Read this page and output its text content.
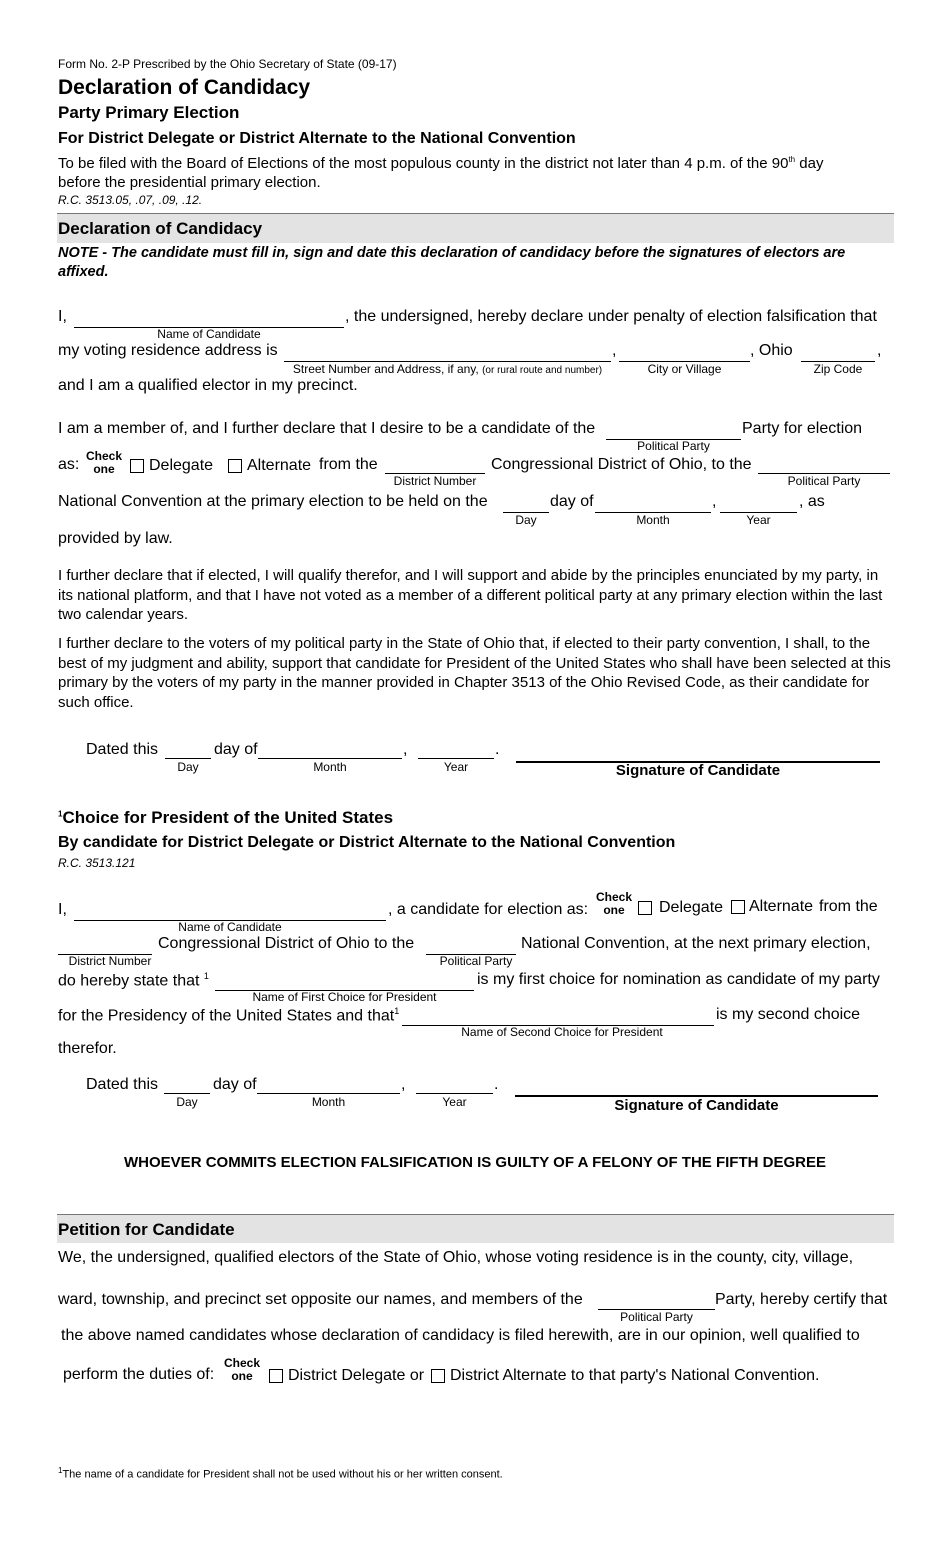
Form No. 2-P Prescribed by the Ohio Secretary of State (09-17)
Declaration of Candidacy
Party Primary Election
For District Delegate or District Alternate to the National Convention
To be filed with the Board of Elections of the most populous county in the district not later than 4 p.m. of the 90th day
before the presidential primary election.
R.C. 3513.05, .07, .09, .12.
Declaration of Candidacy
NOTE - The candidate must fill in, sign and date this declaration of candidacy before the signatures of electors are affixed.
I,
Name of Candidate
, the undersigned, hereby declare under penalty of election falsification that
my voting residence address is
Street Number and Address, if any, (or rural route and number)
,
City or Village
, Ohio
Zip Code
,
and I am a qualified elector in my precinct.
I am a member of, and I further declare that I desire to be a candidate of the
Political Party
Party for election
as: Check
one	Delegate Alternate from the
District Number
Congressional District of Ohio, to the
Political Party
National Convention at the primary election to be held on the
Day
day of
Month
,
Year
, as
provided by law.
I further declare that if elected, I will qualify therefor, and I will support and abide by the principles enunciated by my party, in its national platform, and that I have not voted as a member of a different political party at any primary election within the last two calendar years.
I further declare to the voters of my political party in the State of Ohio that, if elected to their party convention, I shall, to the best of my judgment and ability, support that candidate for President of the United States who shall have been selected at this primary by the voters of my party in the manner provided in Chapter 3513 of the Ohio Revised Code, as their candidate for such office.
Dated this
Day
day of
Month
,
Year
.
Signature of Candidate
$^1$Choice for President of the United States
By candidate for District Delegate or District Alternate to the National Convention
R.C. 3513.121
I,
Name of Candidate
, a candidate for election as:
Check
one	Delegate Alternate from the
District Number
Congressional District of Ohio to the
Political Party
National Convention, at the next primary election,
do hereby state that $^1$
Name of First Choice for President
is my first choice for nomination as candidate of my party
for the Presidency of the United States and that$^1$
Name of Second Choice for President
is my second choice
therefor.
Dated this
Day
day of
Month
,
Year
.
Signature of Candidate
WHOEVER COMMITS ELECTION FALSIFICATION IS GUILTY OF A FELONY OF THE FIFTH DEGREE
Petition for Candidate
We, the undersigned, qualified electors of the State of Ohio, whose voting residence is in the county, city, village,
ward, township, and precinct set opposite our names, and members of the
Political Party
Party, hereby certify that
the above named candidates whose declaration of candidacy is filed herewith, are in our opinion, well qualified to
perform the duties of:
Check
one	District Delegate or District Alternate to that party's National Convention.
$^1$The name of a candidate for President shall not be used without his or her written consent.
